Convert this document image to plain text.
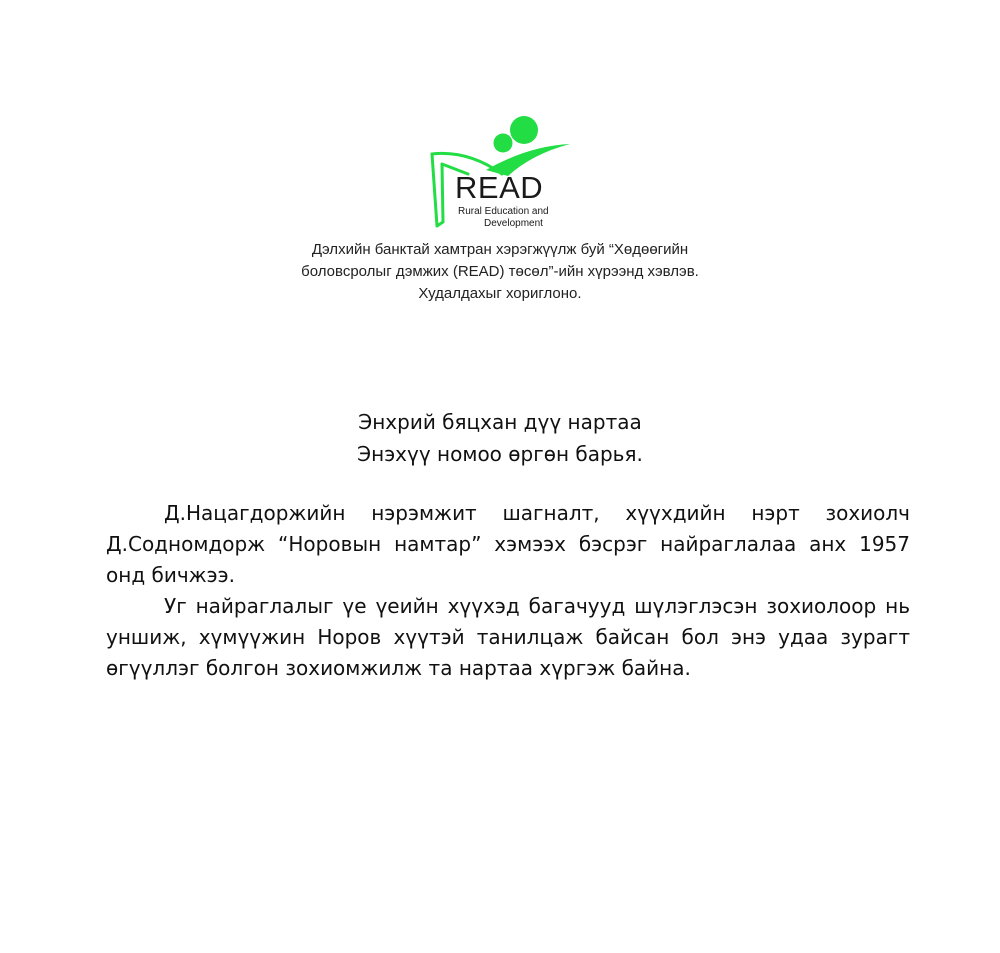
READ
Rural Education and
Development
Дэлхийн банктай хамтран хэрэгжүүлж буй “Хөдөөгийн
боловсролыг дэмжих (READ) төсөл”-ийн хүрээнд хэвлэв.
Худалдахыг хориглоно.
Энхрий бяцхан дүү нартаа
Энэхүү номоо өргөн барья.

Д.Нацагдоржийн нэрэмжит шагналт, хүүхдийн нэрт зохиолч Д.Содномдорж “Норовын намтар” хэмээх бэсрэг найраглалаа анх 1957 онд бичжээ.

Уг найраглалыг үе үеийн хүүхэд багачууд шүлэглэсэн зохиолоор нь уншиж, хүмүүжин Норов хүүтэй танилцаж байсан бол энэ удаа зурагт өгүүллэг болгон зохиомжилж та нартаа хүргэж байна.
